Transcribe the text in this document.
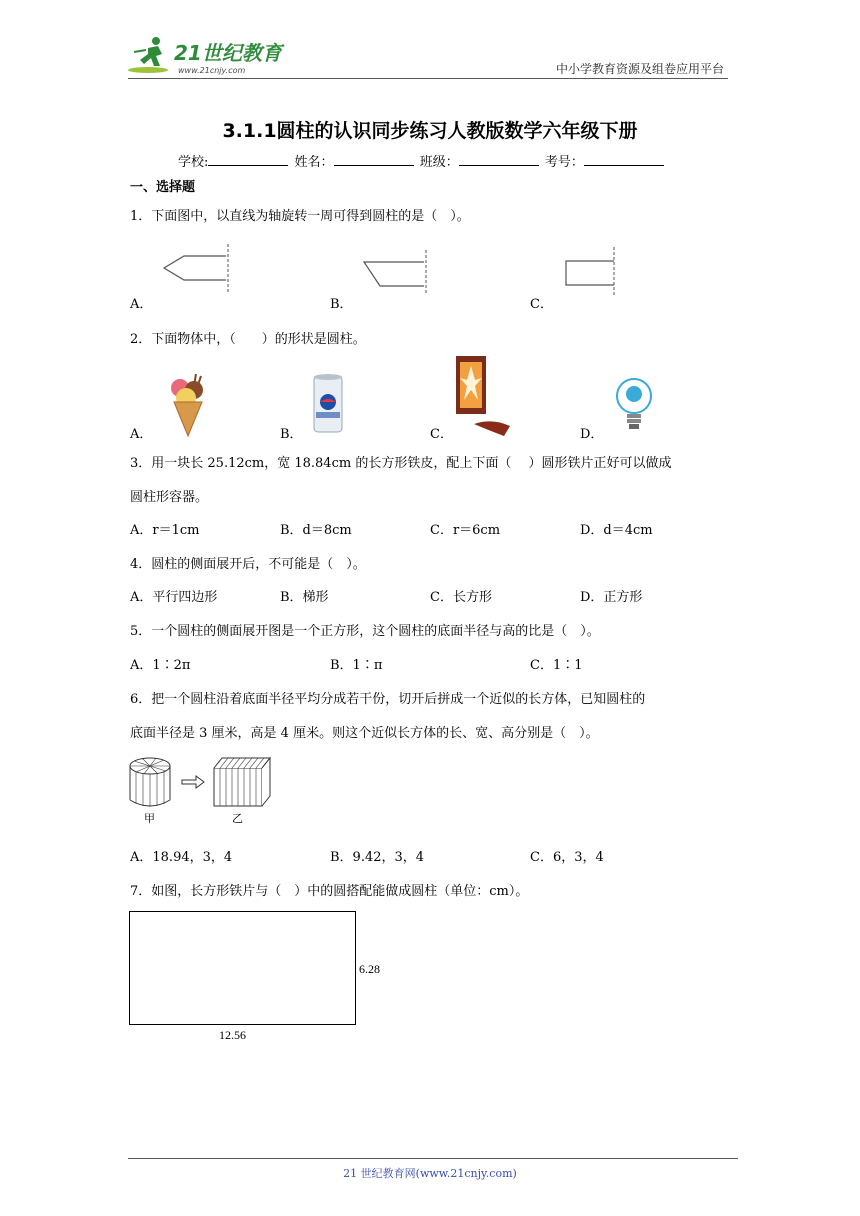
21世纪教育
www.21cnjy.com	中小学教育资源及组卷应用平台
3.1.1圆柱的认识同步练习人教版数学六年级下册
学校:	姓名：	班级：	考号：
一、选择题
1．下面图中，以直线为轴旋转一周可得到圆柱的是（　）。
A．	B．	C．
2．下面物体中，（　　）的形状是圆柱。
A．	B．	C．	D．
3．用一块长 25.12cm，宽 18.84cm 的长方形铁皮，配上下面（　 ）圆形铁片正好可以做成
圆柱形容器。
A．r＝1cm	B．d＝8cm	C．r＝6cm	D．d＝4cm
4．圆柱的侧面展开后，不可能是（　）。
A．平行四边形	B．梯形	C．长方形	D．正方形
5．一个圆柱的侧面展开图是一个正方形，这个圆柱的底面半径与高的比是（　）。
A．1∶2π	B．1∶π	C．1∶1
6．把一个圆柱沿着底面半径平均分成若干份，切开后拼成一个近似的长方体，已知圆柱的
底面半径是 3 厘米，高是 4 厘米。则这个近似长方体的长、宽、高分别是（　）。
甲	乙
A．18.94，3，4	B．9.42，3，4	C．6，3，4
7．如图，长方形铁片与（　）中的圆搭配能做成圆柱（单位：cm）。
6.28
12.56
21 世纪教育网(www.21cnjy.com)
